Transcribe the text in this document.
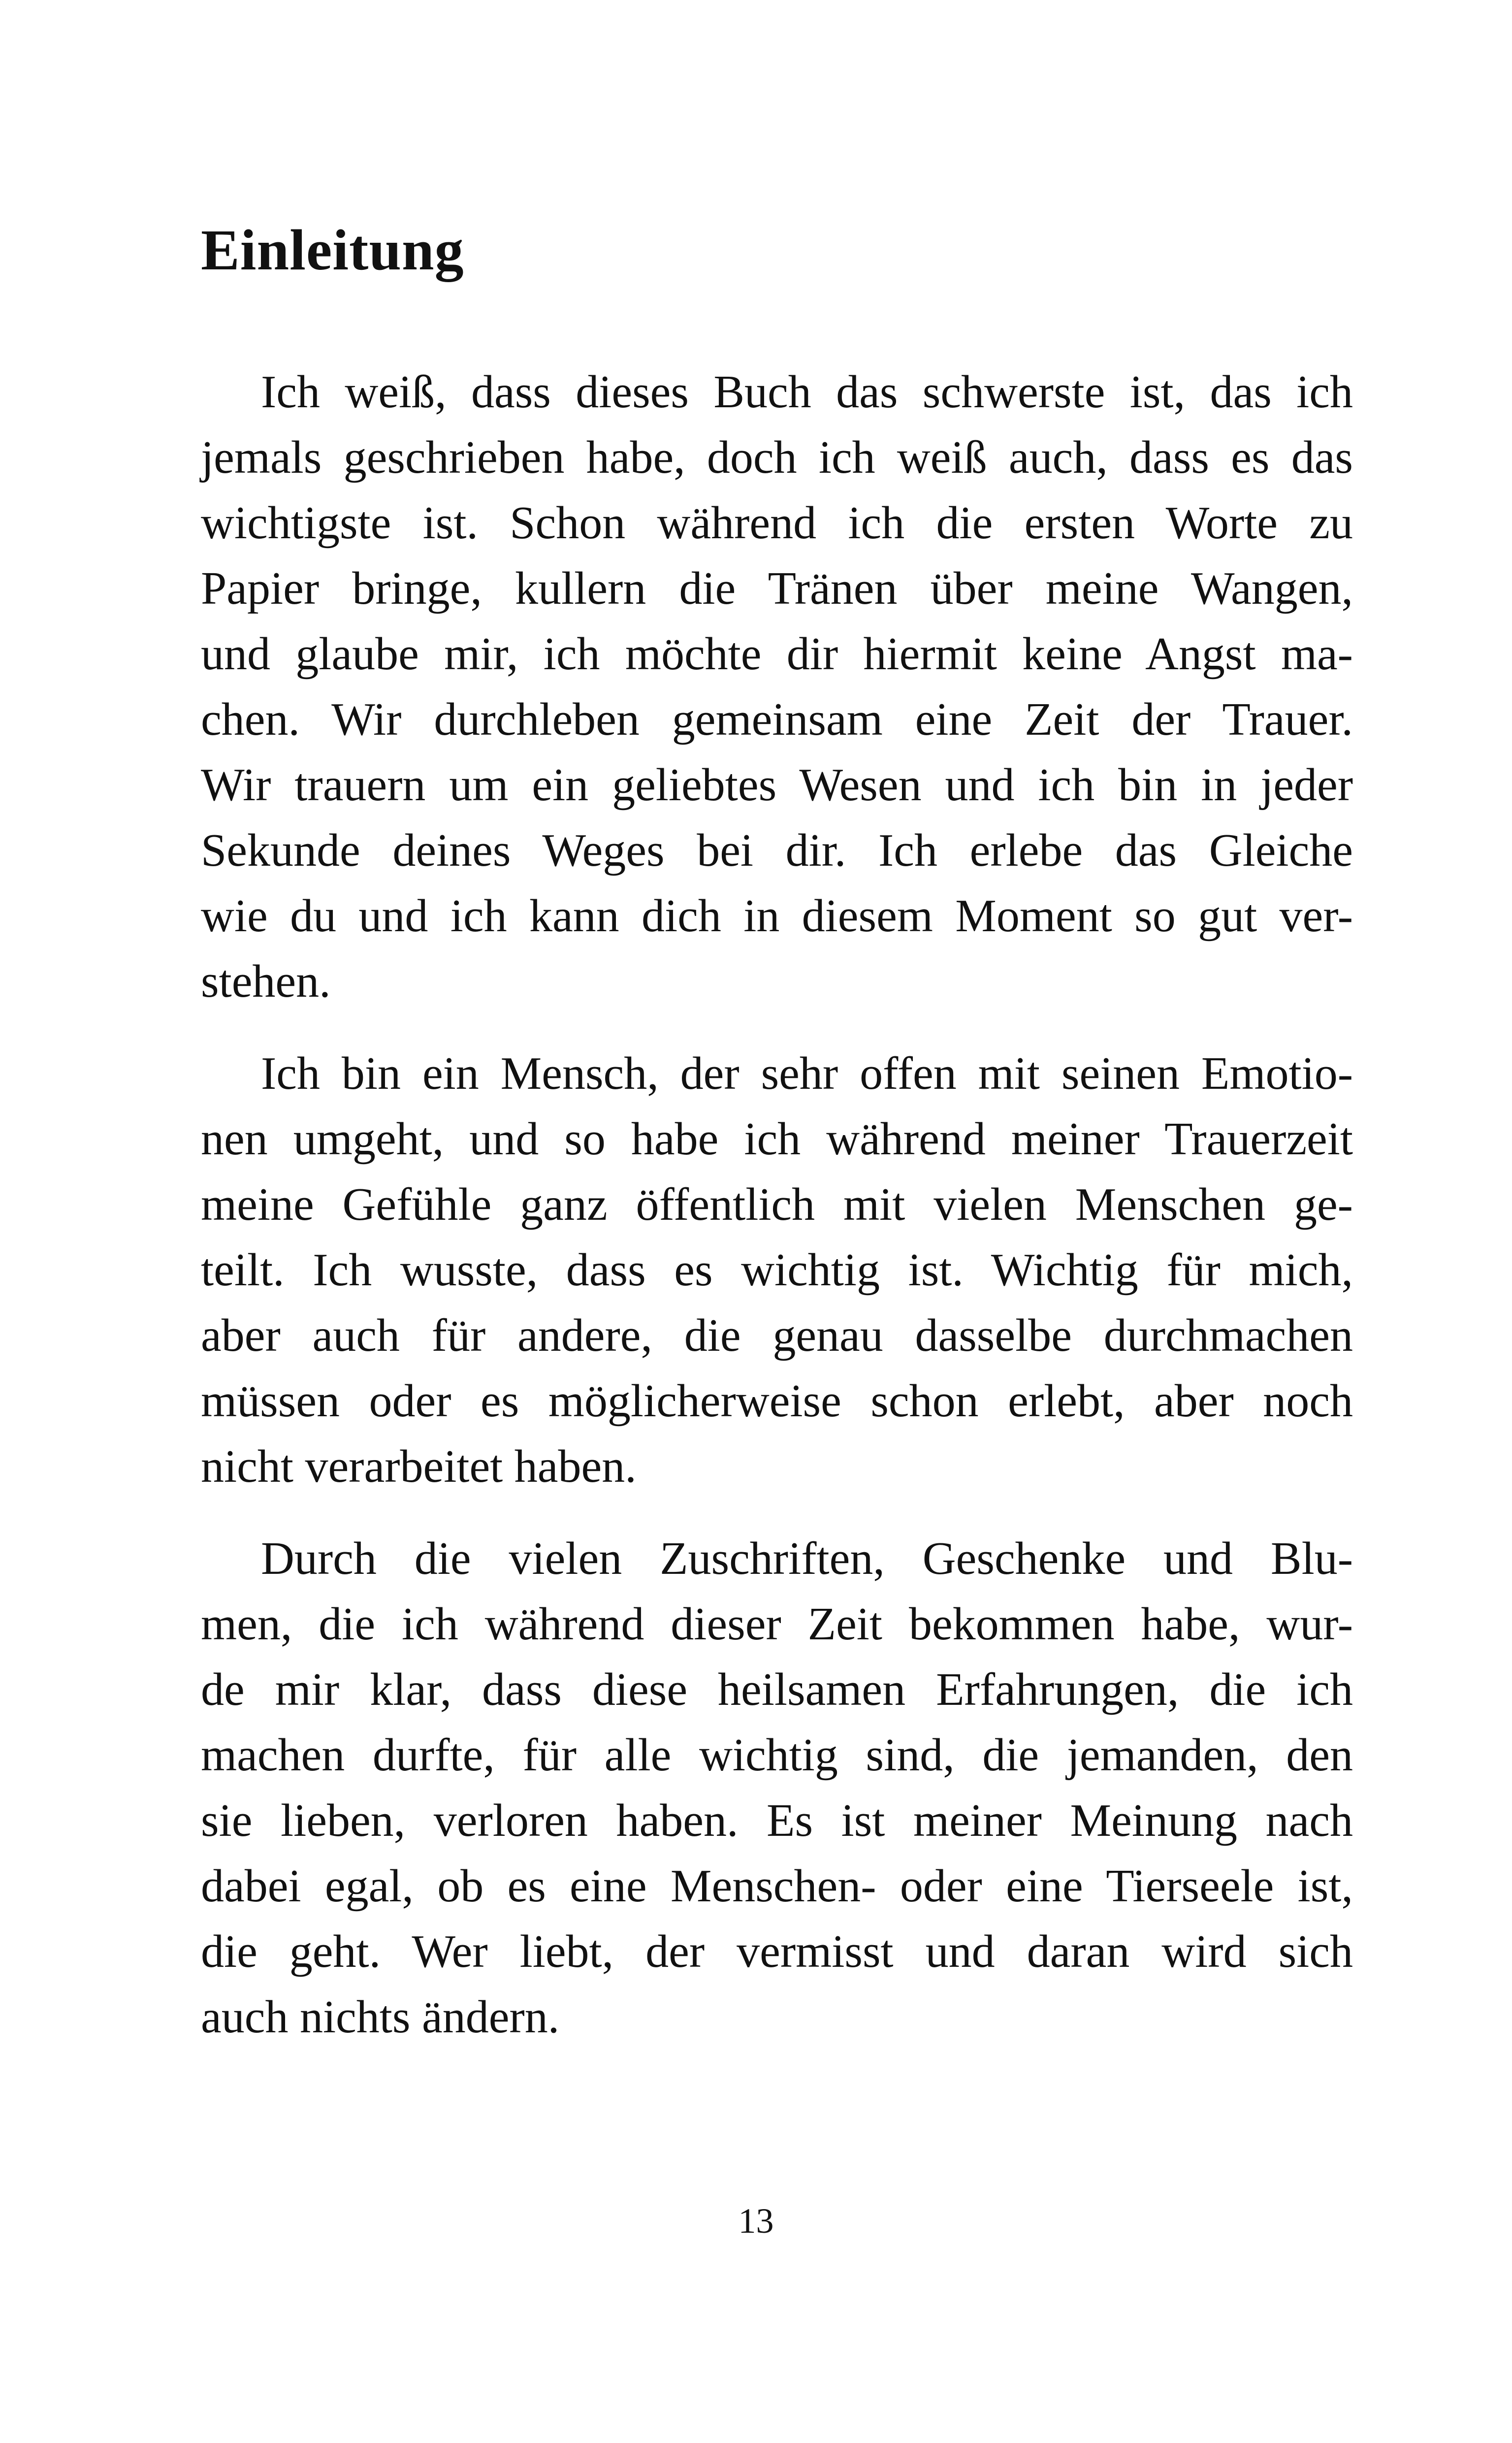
Einleitung
Ich weiß, dass dieses Buch das schwerste ist, das ich
jemals geschrieben habe, doch ich weiß auch, dass es das
wichtigste ist. Schon während ich die ersten Worte zu
Papier bringe, kullern die Tränen über meine Wangen,
und glaube mir, ich möchte dir hiermit keine Angst ma-
chen. Wir durchleben gemeinsam eine Zeit der Trauer.
Wir trauern um ein geliebtes Wesen und ich bin in jeder
Sekunde deines Weges bei dir. Ich erlebe das Gleiche
wie du und ich kann dich in diesem Moment so gut ver-
stehen.
Ich bin ein Mensch, der sehr offen mit seinen Emotio-
nen umgeht, und so habe ich während meiner Trauerzeit
meine Gefühle ganz öffentlich mit vielen Menschen ge-
teilt. Ich wusste, dass es wichtig ist. Wichtig für mich,
aber auch für andere, die genau dasselbe durchmachen
müssen oder es möglicherweise schon erlebt, aber noch
nicht verarbeitet haben.
Durch die vielen Zuschriften, Geschenke und Blu-
men, die ich während dieser Zeit bekommen habe, wur-
de mir klar, dass diese heilsamen Erfahrungen, die ich
machen durfte, für alle wichtig sind, die jemanden, den
sie lieben, verloren haben. Es ist meiner Meinung nach
dabei egal, ob es eine Menschen- oder eine Tierseele ist,
die geht. Wer liebt, der vermisst und daran wird sich
auch nichts ändern.
13
